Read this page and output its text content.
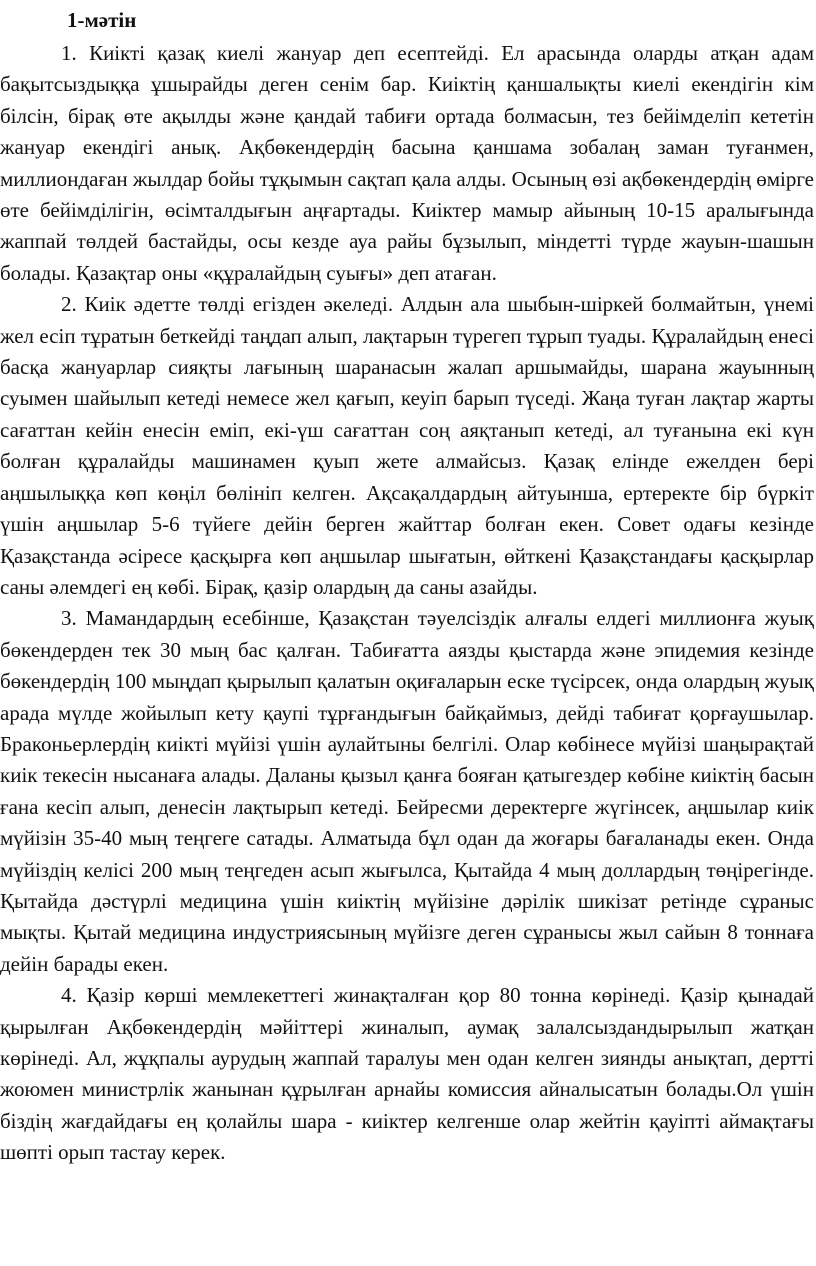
1-мәтін

1. Киікті қазақ киелі жануар деп есептейді. Ел арасында оларды атқан адам бақытсыздыққа ұшырайды деген сенім бар. Киіктің қаншалықты киелі екендігін кім білсін, бірақ өте ақылды және қандай табиғи ортада болмасын, тез бейімделіп кететін жануар екендігі анық. Ақбөкендердің басына қаншама зобалаң заман туғанмен, миллиондаған жылдар бойы тұқымын сақтап қала алды. Осының өзі ақбөкендердің өмірге өте бейімділігін, өсімталдығын аңғартады. Киіктер мамыр айының 10-15 аралығында жаппай төлдей бастайды, осы кезде ауа райы бұзылып, міндетті түрде жауын-шашын болады. Қазақтар оны «құралайдың суығы» деп атаған.

2. Киік әдетте төлді егізден әкеледі. Алдын ала шыбын-шіркей болмайтын, үнемі жел есіп тұратын беткейді таңдап алып, лақтарын түрегеп тұрып туады. Құралайдың енесі басқа жануарлар сияқты лағының шаранасын жалап аршымайды, шарана жауынның суымен шайылып кетеді немесе жел қағып, кеуіп барып түседі. Жаңа туған лақтар жарты сағаттан кейін енесін еміп, екі-үш сағаттан соң аяқтанып кетеді, ал туғанына екі күн болған құралайды машинамен қуып жете алмайсыз. Қазақ елінде ежелден бері аңшылыққа көп көңіл бөлініп келген. Ақсақалдардың айтуынша, ертеректе бір бүркіт үшін аңшылар 5-6 түйеге дейін берген жайттар болған екен. Совет одағы кезінде Қазақстанда әсіресе қасқырға көп аңшылар шығатын, өйткені Қазақстандағы қасқырлар саны әлемдегі ең көбі. Бірақ, қазір олардың да саны азайды.

3. Мамандардың есебінше, Қазақстан тәуелсіздік алғалы елдегі миллионға жуық бөкендерден тек 30 мың бас қалған. Табиғатта аязды қыстарда және эпидемия кезінде бөкендердің 100 мыңдап қырылып қалатын оқиғаларын еске түсірсек, онда олардың жуық арада мүлде жойылып кету қаупі тұрғандығын байқаймыз, дейді табиғат қорғаушылар. Браконьерлердің киікті мүйізі үшін аулайтыны белгілі. Олар көбінесе мүйізі шаңырақтай киік текесін нысанаға алады. Даланы қызыл қанға бояған қатыгездер көбіне киіктің басын ғана кесіп алып, денесін лақтырып кетеді. Бейресми деректерге жүгінсек, аңшылар киік мүйізін 35-40 мың теңгеге сатады. Алматыда бұл одан да жоғары бағаланады екен. Онда мүйіздің келісі 200 мың теңгеден асып жығылса, Қытайда 4 мың доллардың төңірегінде. Қытайда дәстүрлі медицина үшін киіктің мүйізіне дәрілік шикізат ретінде сұраныс мықты. Қытай медицина индустриясының мүйізге деген сұранысы жыл сайын 8 тоннаға дейін барады екен.

4. Қазір көрші мемлекеттегі жинақталған қор 80 тонна көрінеді. Қазір қынадай қырылған Ақбөкендердің мәйіттері жиналып, аумақ залалсыздандырылып жатқан көрінеді. Ал, жұқпалы аурудың жаппай таралуы мен одан келген зиянды анықтап, дертті жоюмен министрлік жанынан құрылған арнайы комиссия айналысатын болады.Ол үшін біздің жағдайдағы ең қолайлы шара - киіктер келгенше олар жейтін қауіпті аймақтағы шөпті орып тастау керек.
